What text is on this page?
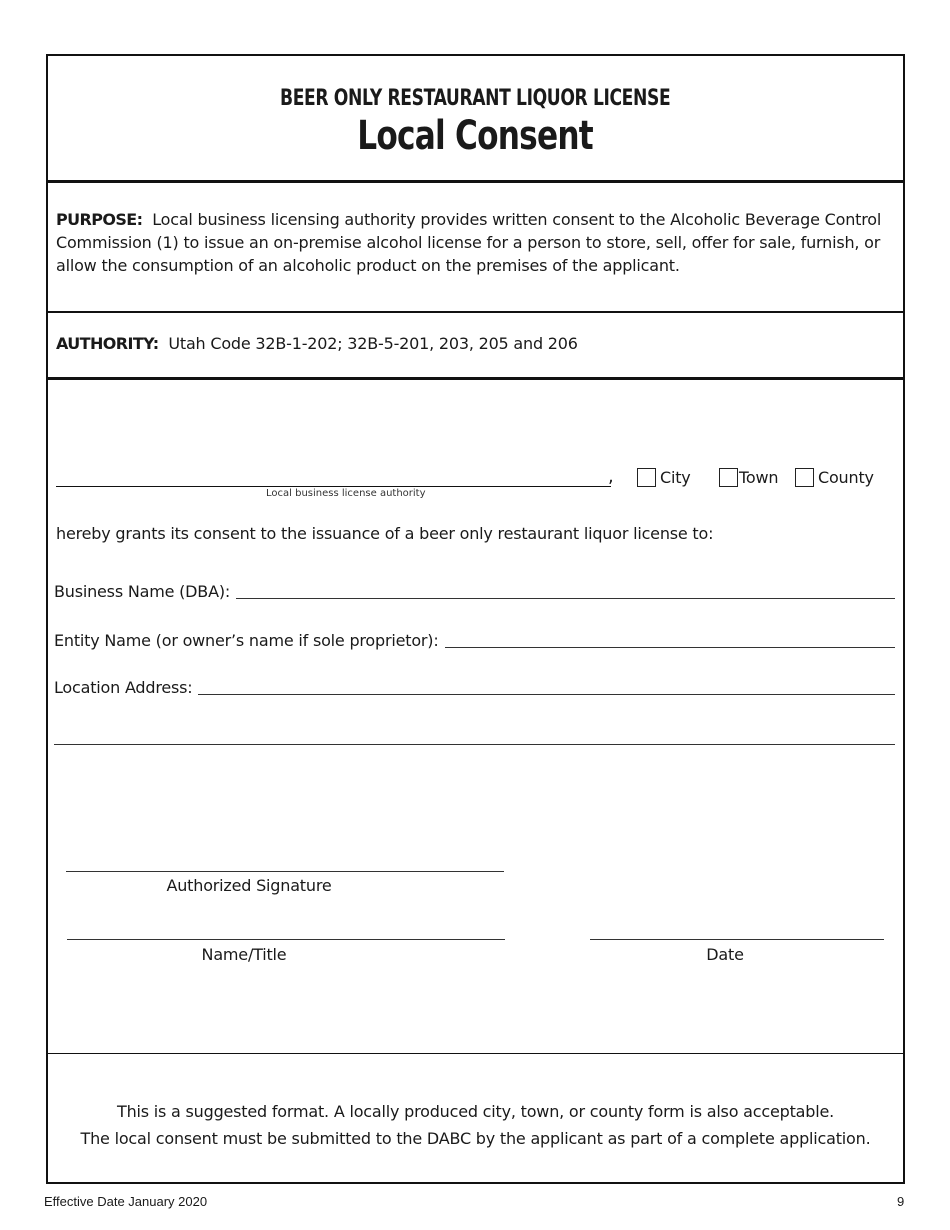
BEER ONLY RESTAURANT LIQUOR LICENSE
Local Consent
PURPOSE: Local business licensing authority provides written consent to the Alcoholic Beverage Control Commission (1) to issue an on-premise alcohol license for a person to store, sell, offer for sale, furnish, or allow the consumption of an alcoholic product on the premises of the applicant.
AUTHORITY: Utah Code 32B-1-202; 32B-5-201, 203, 205 and 206
Local business license authority
,	City	Town County
hereby grants its consent to the issuance of a beer only restaurant liquor license to:
Business Name (DBA):
Entity Name (or owner’s name if sole proprietor):
Location Address:
Authorized Signature
Name/Title	Date
This is a suggested format. A locally produced city, town, or county form is also acceptable.
The local consent must be submitted to the DABC by the applicant as part of a complete application.
Effective Date January 2020	9
